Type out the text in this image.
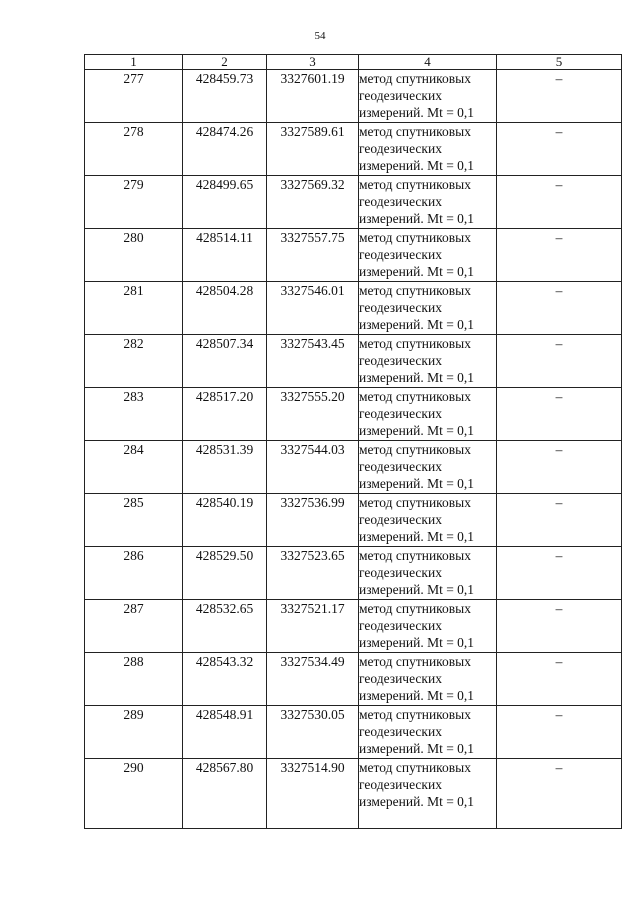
54
1	2	3	4	5
277	428459.73	3327601.19	метод спутниковых
геодезических
измерений. Mt = 0,1	–
278	428474.26	3327589.61	метод спутниковых
геодезических
измерений. Mt = 0,1	–
279	428499.65	3327569.32	метод спутниковых
геодезических
измерений. Mt = 0,1	–
280	428514.11	3327557.75	метод спутниковых
геодезических
измерений. Mt = 0,1	–
281	428504.28	3327546.01	метод спутниковых
геодезических
измерений. Mt = 0,1	–
282	428507.34	3327543.45	метод спутниковых
геодезических
измерений. Mt = 0,1	–
283	428517.20	3327555.20	метод спутниковых
геодезических
измерений. Mt = 0,1	–
284	428531.39	3327544.03	метод спутниковых
геодезических
измерений. Mt = 0,1	–
285	428540.19	3327536.99	метод спутниковых
геодезических
измерений. Mt = 0,1	–
286	428529.50	3327523.65	метод спутниковых
геодезических
измерений. Mt = 0,1	–
287	428532.65	3327521.17	метод спутниковых
геодезических
измерений. Mt = 0,1	–
288	428543.32	3327534.49	метод спутниковых
геодезических
измерений. Mt = 0,1	–
289	428548.91	3327530.05	метод спутниковых
геодезических
измерений. Mt = 0,1	–
290	428567.80	3327514.90	метод спутниковых
геодезических
измерений. Mt = 0,1	–
